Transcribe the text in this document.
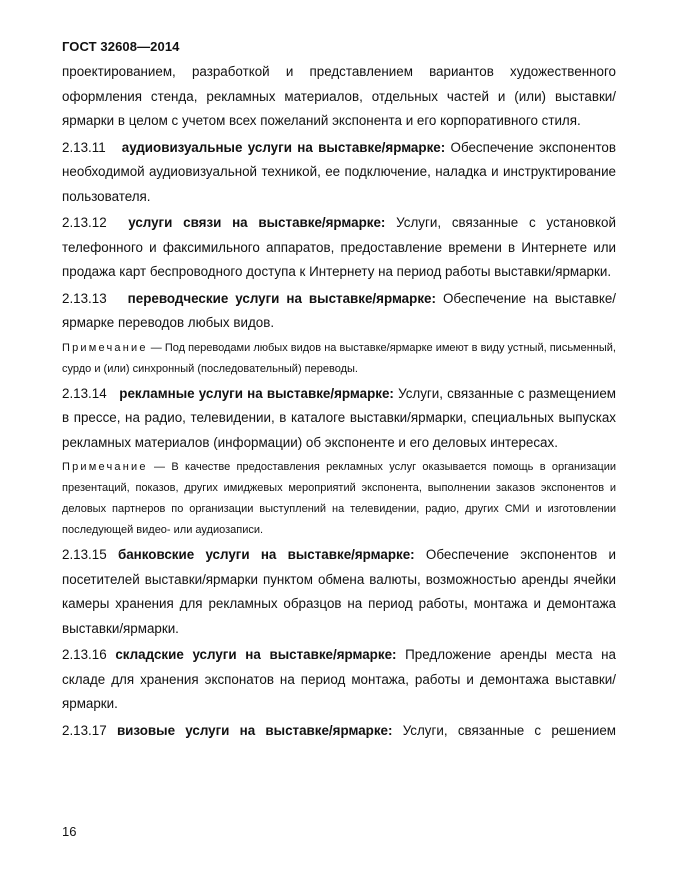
ГОСТ 32608—2014

проектированием, разработкой и представлением вариантов художественного оформления стенда, рекламных материалов, отдельных частей и (или) выставки/ярмарки в целом с учетом всех пожеланий экспонента и его корпоративного стиля.

2.13.11 аудиовизуальные услуги на выставке/ярмарке: Обеспечение экспонентов необходимой аудиовизуальной техникой, ее подключение, наладка и инструктирование пользователя.

2.13.12 услуги связи на выставке/ярмарке: Услуги, связанные с установкой телефонного и факсимильного аппаратов, предоставление времени в Интернете или продажа карт беспроводного доступа к Интернету на период работы выставки/ярмарки.

2.13.13 переводческие услуги на выставке/ярмарке: Обеспечение на выставке/ярмарке переводов любых видов.

Примечание — Под переводами любых видов на выставке/ярмарке имеют в виду устный, письменный, сурдо и (или) синхронный (последовательный) переводы.

2.13.14 рекламные услуги на выставке/ярмарке: Услуги, связанные с размещением в прессе, на радио, телевидении, в каталоге выставки/ярмарки, специальных выпусках рекламных материалов (информации) об экспоненте и его деловых интересах.

Примечание — В качестве предоставления рекламных услуг оказывается помощь в организации презентаций, показов, других имиджевых мероприятий экспонента, выполнении заказов экспонентов и деловых партнеров по организации выступлений на телевидении, радио, других СМИ и изготовлении последующей видео- или аудиозаписи.

2.13.15 банковские услуги на выставке/ярмарке: Обеспечение экспонентов и посетителей выставки/ярмарки пунктом обмена валюты, возможностью аренды ячейки камеры хранения для рекламных образцов на период работы, монтажа и демонтажа выставки/ярмарки.

2.13.16 складские услуги на выставке/ярмарке: Предложение аренды места на складе для хранения экспонатов на период монтажа, работы и демонтажа выставки/ярмарки.

2.13.17 визовые услуги на выставке/ярмарке: Услуги, связанные с решением

16
